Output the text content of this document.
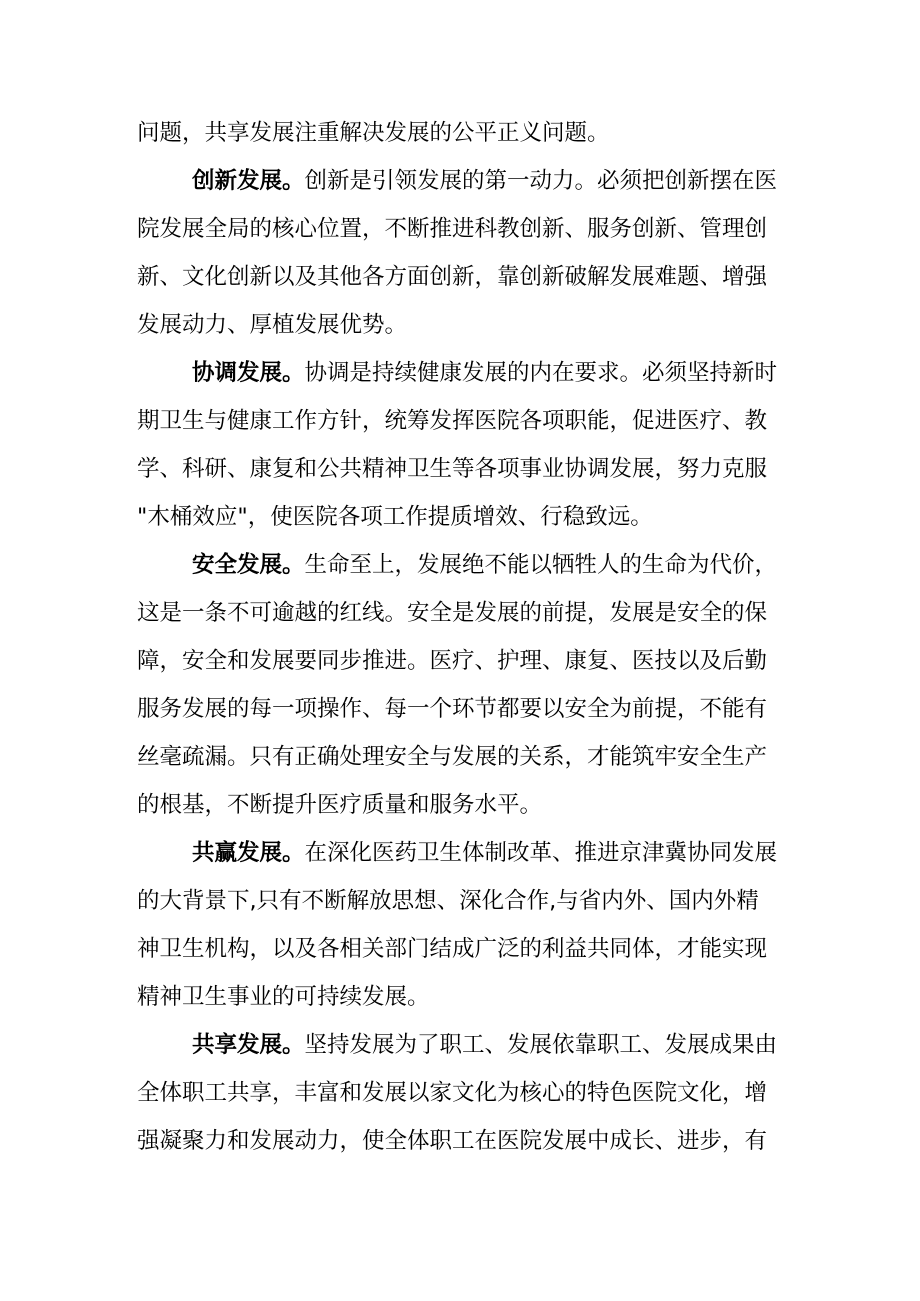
问题，共享发展注重解决发展的公平正义问题。
创新发展。创新是引领发展的第一动力。必须把创新摆在医
院发展全局的核心位置，不断推进科教创新、服务创新、管理创
新、文化创新以及其他各方面创新，靠创新破解发展难题、增强
发展动力、厚植发展优势。
协调发展。协调是持续健康发展的内在要求。必须坚持新时
期卫生与健康工作方针，统筹发挥医院各项职能，促进医疗、教
学、科研、康复和公共精神卫生等各项事业协调发展，努力克服
"木桶效应"，使医院各项工作提质增效、行稳致远。
安全发展。生命至上，发展绝不能以牺牲人的生命为代价，
这是一条不可逾越的红线。安全是发展的前提，发展是安全的保
障，安全和发展要同步推进。医疗、护理、康复、医技以及后勤
服务发展的每一项操作、每一个环节都要以安全为前提，不能有
丝毫疏漏。只有正确处理安全与发展的关系，才能筑牢安全生产
的根基，不断提升医疗质量和服务水平。
共赢发展。在深化医药卫生体制改革、推进京津冀协同发展
的大背景下,只有不断解放思想、深化合作,与省内外、国内外精
神卫生机构，以及各相关部门结成广泛的利益共同体，才能实现
精神卫生事业的可持续发展。
共享发展。坚持发展为了职工、发展依靠职工、发展成果由
全体职工共享，丰富和发展以家文化为核心的特色医院文化，增
强凝聚力和发展动力，使全体职工在医院发展中成长、进步，有
